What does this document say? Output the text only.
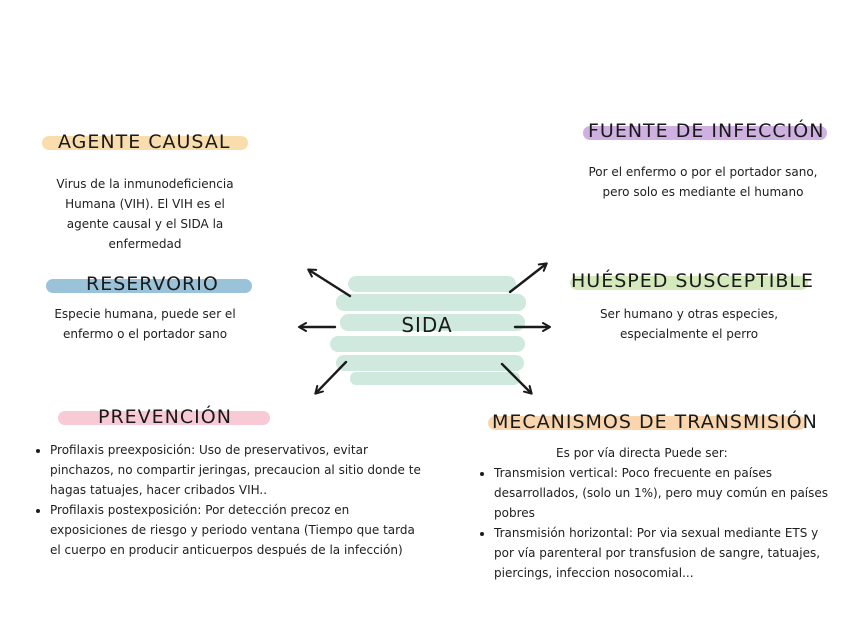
SIDA
AGENTE CAUSAL
Virus de la inmunodeficiencia
Humana (VIH). El VIH es el
agente causal y el SIDA la
enfermedad
RESERVORIO
Especie humana, puede ser el
enfermo o el portador sano
PREVENCIÓN
• Profilaxis preexposición: Uso de preservativos, evitar pinchazos, no compartir jeringas, precaucion al sitio donde te hagas tatuajes, hacer cribados VIH..
• Profilaxis postexposición: Por detección precoz en exposiciones de riesgo y periodo ventana (Tiempo que tarda el cuerpo en producir anticuerpos después de la infección)
FUENTE DE INFECCIÓN
Por el enfermo o por el portador sano,
pero solo es mediante el humano
HUÉSPED SUSCEPTIBLE
Ser humano y otras especies,
especialmente el perro
MECANISMOS DE TRANSMISIÓN
Es por vía directa Puede ser:
• Transmision vertical: Poco frecuente en países desarrollados, (solo un 1%), pero muy común en países pobres
• Transmisión horizontal: Por via sexual mediante ETS y por vía parenteral por transfusion de sangre, tatuajes, piercings, infeccion nosocomial...
